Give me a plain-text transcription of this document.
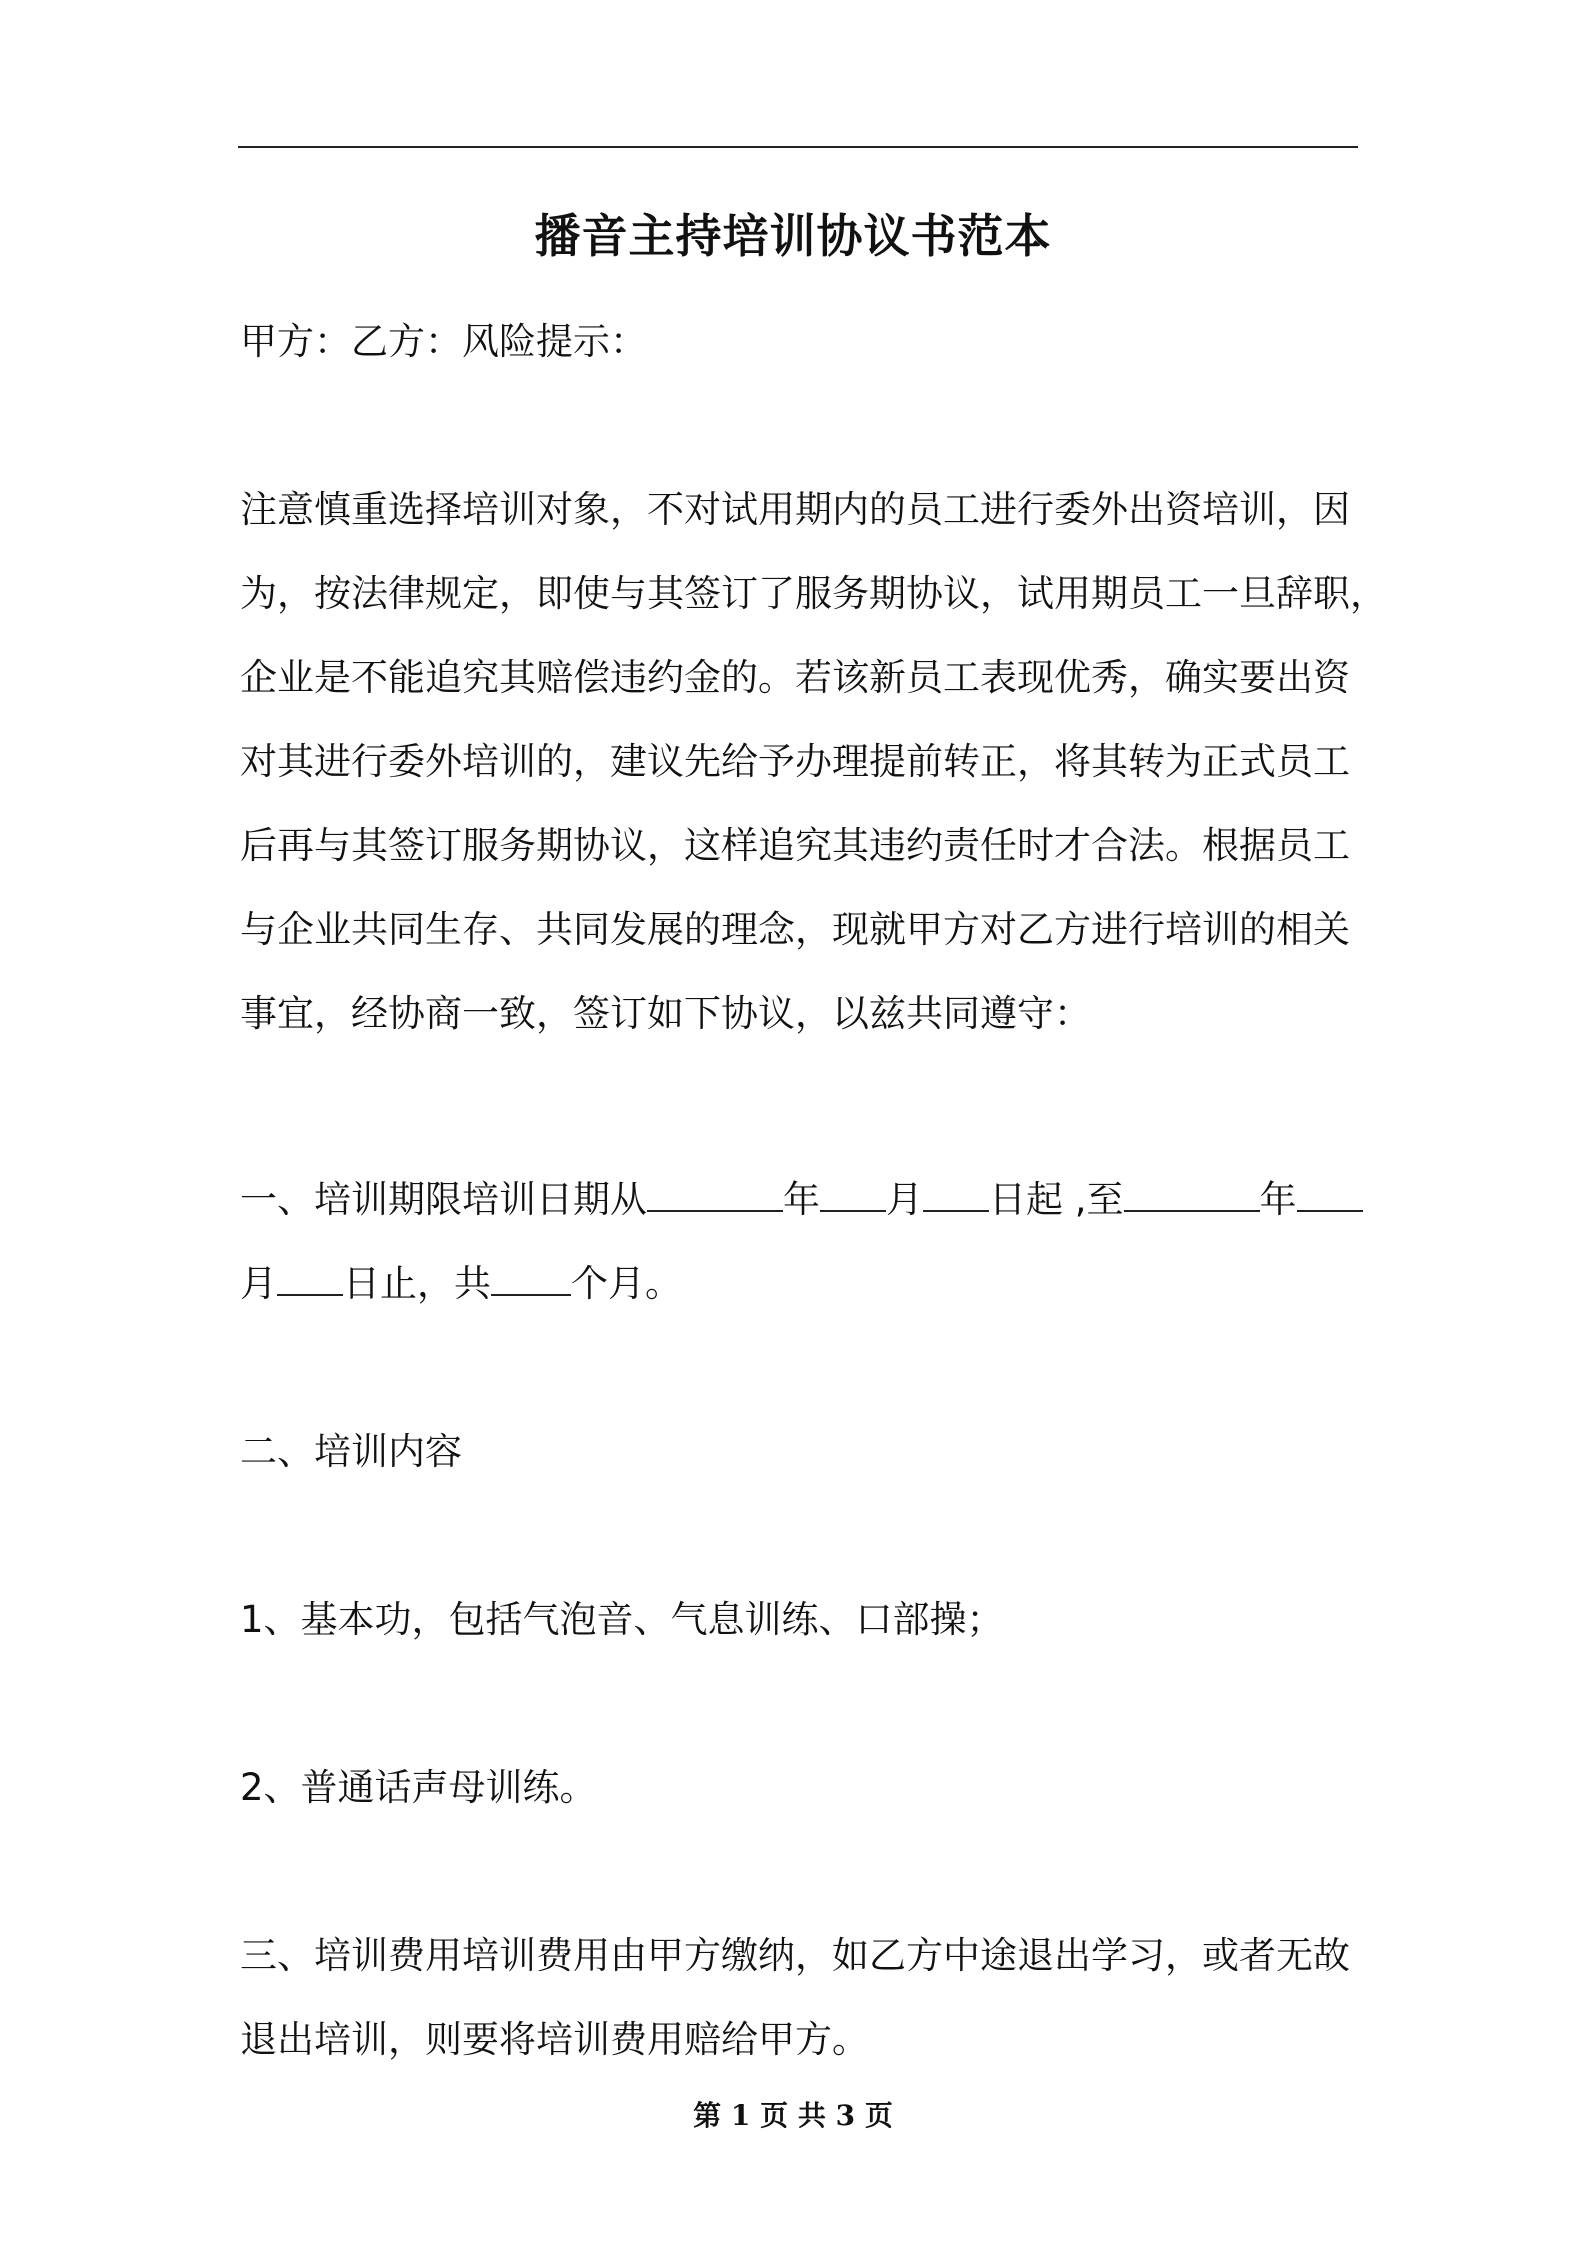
播音主持培训协议书范本
甲方：乙方：风险提示：
注意慎重选择培训对象，不对试用期内的员工进行委外出资培训，因
为，按法律规定，即使与其签订了服务期协议，试用期员工一旦辞职，
企业是不能追究其赔偿违约金的。若该新员工表现优秀，确实要出资
对其进行委外培训的，建议先给予办理提前转正，将其转为正式员工
后再与其签订服务期协议，这样追究其违约责任时才合法。根据员工
与企业共同生存、共同发展的理念，现就甲方对乙方进行培训的相关
事宜，经协商一致，签订如下协议，以兹共同遵守：
一、培训期限培训日期从	年 月 日起 ,至	年
月 日止，共 个月。
二、培训内容
1、基本功，包括气泡音、气息训练、口部操；
2、普通话声母训练。
三、培训费用培训费用由甲方缴纳，如乙方中途退出学习，或者无故
退出培训，则要将培训费用赔给甲方。
第 1 页 共 3 页
